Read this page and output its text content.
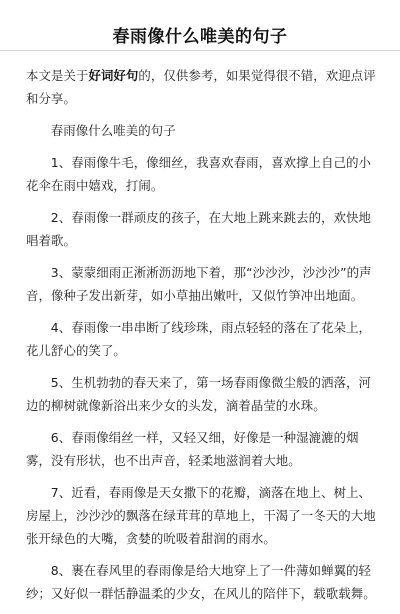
春雨像什么唯美的句子

本文是关于好词好句的，仅供参考，如果觉得很不错，欢迎点评和分享。

春雨像什么唯美的句子

1、春雨像牛毛，像细丝，我喜欢春雨，喜欢撑上自己的小花伞在雨中嬉戏，打闹。

2、春雨像一群顽皮的孩子，在大地上跳来跳去的，欢快地唱着歌。

3、蒙蒙细雨正淅淅沥沥地下着，那“沙沙沙，沙沙沙”的声音，像种子发出新芽，如小草抽出嫩叶，又似竹笋冲出地面。

4、春雨像一串串断了线珍珠，雨点轻轻的落在了花朵上，花儿舒心的笑了。

5、生机勃勃的春天来了，第一场春雨像微尘般的洒落，河边的柳树就像新浴出来少女的头发，滴着晶莹的水珠。

6、春雨像绢丝一样，又轻又细，好像是一种湿漉漉的烟雾，没有形状，也不出声音，轻柔地滋润着大地。

7、近看，春雨像是天女撒下的花瓣，滴落在地上、树上、房屋上，沙沙沙的飘落在绿茸茸的草地上，干渴了一冬天的大地张开绿色的大嘴，贪婪的吮吸着甜润的雨水。

8、裹在春风里的春雨像是给大地穿上了一件薄如蝉翼的轻纱；又好似一群恬静温柔的少女，在风儿的陪伴下，载歌载舞。
